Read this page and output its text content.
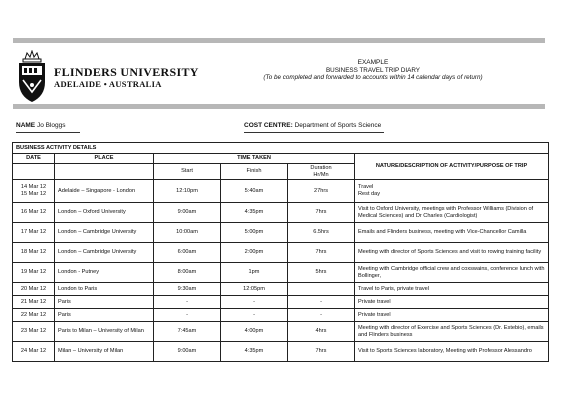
FLINDERS UNIVERSITY
ADELAIDE • AUSTRALIA
EXAMPLE
BUSINESS TRAVEL TRIP DIARY
(To be completed and forwarded to accounts within 14 calendar days of return)
NAME Jo Bloggs	COST CENTRE: Department of Sports Science
BUSINESS ACTIVITY DETAILS					
DATE	PLACE	TIME TAKEN			NATURE/DESCRIPTION OF ACTIVITY/PURPOSE OF TRIP
		Start	Finish	Duration
Hr/Mn	
14 Mar 12
15 Mar 12	Adelaide – Singapore - London	12:10pm	5:40am	27hrs	Travel
Rest day
16 Mar 12	London – Oxford University	9:00am	4:35pm	7hrs	Visit to Oxford University, meetings with Professor Williams (Division of Medical Sciences) and Dr Charles (Cardiologist)
17 Mar 12	London – Cambridge University	10:00am	5:00pm	6.5hrs	Emails and Flinders business, meeting with Vice-Chancellor Camilla
18 Mar 12	London – Cambridge University	6:00am	2:00pm	7hrs	Meeting with director of Sports Sciences and visit to rowing training facility
19 Mar 12	London - Putney	8:00am	1pm	5hrs	Meeting with Cambridge official crew and coxswains, conference lunch with Bollinger,
20 Mar 12	London to Paris	9:30am	12:05pm		Travel to Paris, private travel
21 Mar 12	Paris	-	-	-	Private travel
22 Mar 12	Paris	-	-	-	Private travel
23 Mar 12	Paris to Milan – University of Milan	7:45am	4:00pm	4hrs	Meeting with director of Exercise and Sports Sciences (Dr. Estebio), emails and Flinders business
24 Mar 12	Milan – University of Milan	9:00am	4:35pm	7hrs	Visit to Sports Sciences laboratory, Meeting with Professor Alessandro
